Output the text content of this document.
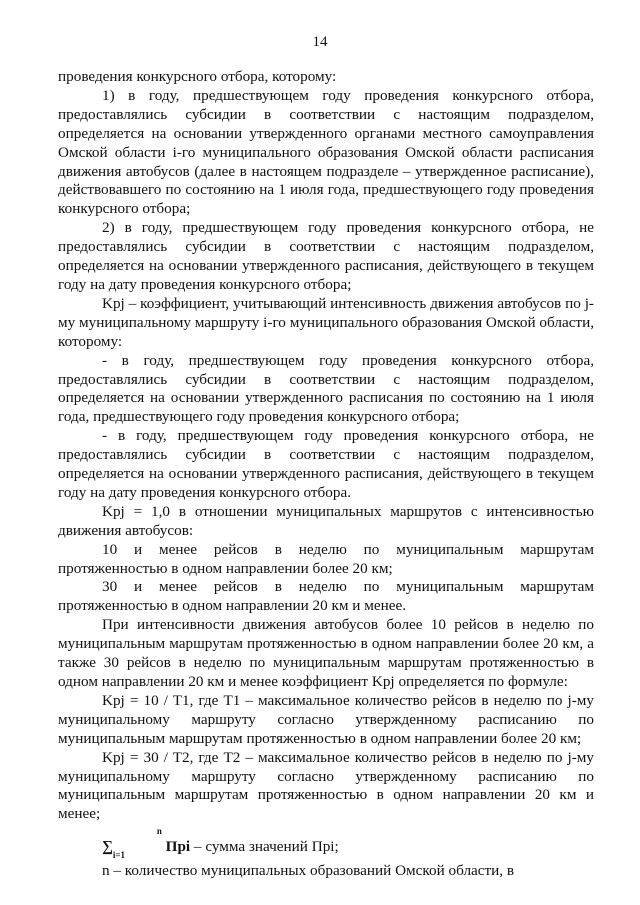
14

проведения конкурсного отбора, которому:

1) в году, предшествующем году проведения конкурсного отбора, предоставлялись субсидии в соответствии с настоящим подразделом, определяется на основании утвержденного органами местного самоуправления Омской области i-го муниципального образования Омской области расписания движения автобусов (далее в настоящем подразделе – утвержденное расписание), действовавшего по состоянию на 1 июля года, предшествующего году проведения конкурсного отбора;

2) в году, предшествующем году проведения конкурсного отбора, не предоставлялись субсидии в соответствии с настоящим подразделом, определяется на основании утвержденного расписания, действующего в текущем году на дату проведения конкурсного отбора;

Kpj – коэффициент, учитывающий интенсивность движения автобусов по j-му муниципальному маршруту i-го муниципального образования Омской области, которому:

- в году, предшествующем году проведения конкурсного отбора, предоставлялись субсидии в соответствии с настоящим подразделом, определяется на основании утвержденного расписания по состоянию на 1 июля года, предшествующего году проведения конкурсного отбора;

- в году, предшествующем году проведения конкурсного отбора, не предоставлялись субсидии в соответствии с настоящим подразделом, определяется на основании утвержденного расписания, действующего в текущем году на дату проведения конкурсного отбора.

Kpj = 1,0 в отношении муниципальных маршрутов с интенсивностью движения автобусов:

10 и менее рейсов в неделю по муниципальным маршрутам протяженностью в одном направлении более 20 км;

30 и менее рейсов в неделю по муниципальным маршрутам протяженностью в одном направлении 20 км и менее.

При интенсивности движения автобусов более 10 рейсов в неделю по муниципальным маршрутам протяженностью в одном направлении более 20 км, а также 30 рейсов в неделю по муниципальным маршрутам протяженностью в одном направлении 20 км и менее коэффициент Kpj определяется по формуле:

Kpj = 10 / T1, где T1 – максимальное количество рейсов в неделю по j-му муниципальному маршруту согласно утвержденному расписанию по муниципальным маршрутам протяженностью в одном направлении более 20 км;

Kpj = 30 / T2, где T2 – максимальное количество рейсов в неделю по j-му муниципальному маршруту согласно утвержденному расписанию по муниципальным маршрутам протяженностью в одном направлении 20 км и менее;

∑$^n$
$_{i=1}$ Пpi – сумма значений Пpi;

n – количество муниципальных образований Омской области, в
